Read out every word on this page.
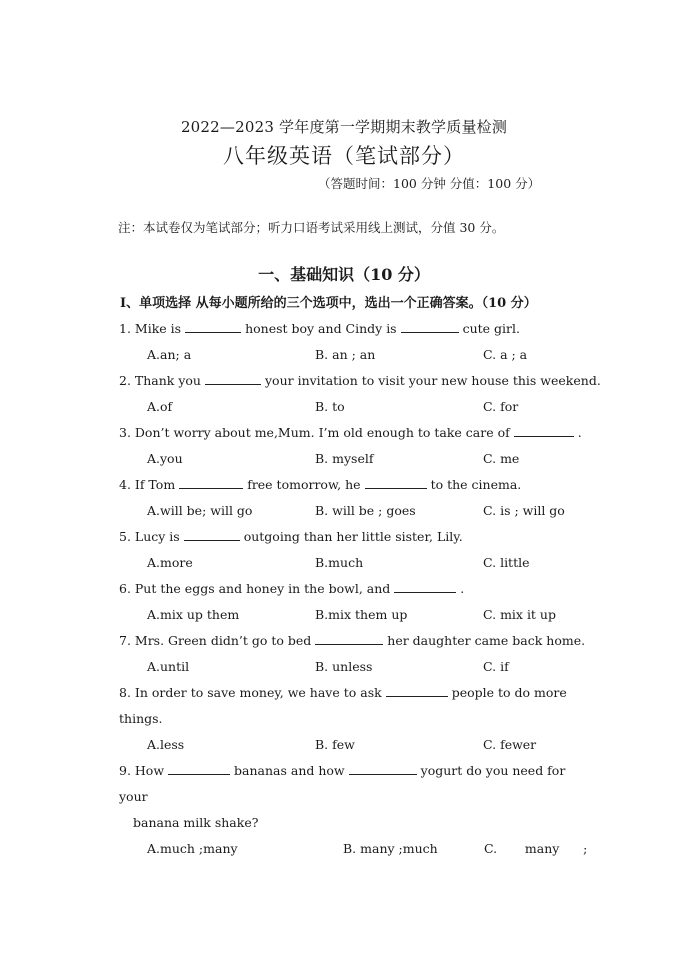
2022—2023 学年度第一学期期末教学质量检测
八年级英语（笔试部分）
（答题时间：100 分钟 分值：100 分）
注：本试卷仅为笔试部分；听力口语考试采用线上测试，分值 30 分。
一、基础知识（10 分）
Ⅰ、单项选择 从每小题所给的三个选项中，选出一个正确答案。（10 分）
1. Mike is	honest boy and Cindy is	cute girl.
A.an; a	B. an ; an	C. a ; a
2. Thank you	your invitation to visit your new house this weekend.
A.of	B. to	C. for
3. Don’t worry about me,Mum. I’m old enough to take care of	.
A.you	B. myself	C. me
4. If Tom	free tomorrow, he	to the cinema.
A.will be; will go	B. will be ; goes	C. is ; will go
5. Lucy is	outgoing than her little sister, Lily.
A.more	B.much	C. little
6. Put the eggs and honey in the bowl, and	.
A.mix up them	B.mix them up	C. mix it up
7. Mrs. Green didn’t go to bed	her daughter came back home.
A.until	B. unless	C. if
8. In order to save money, we have to ask	people to do more
things.
A.less	B. few	C. fewer
9. How	bananas and how	yogurt do you need for
your
banana milk shake?
A.much ;many	B. many ;much	C.       many      ;
